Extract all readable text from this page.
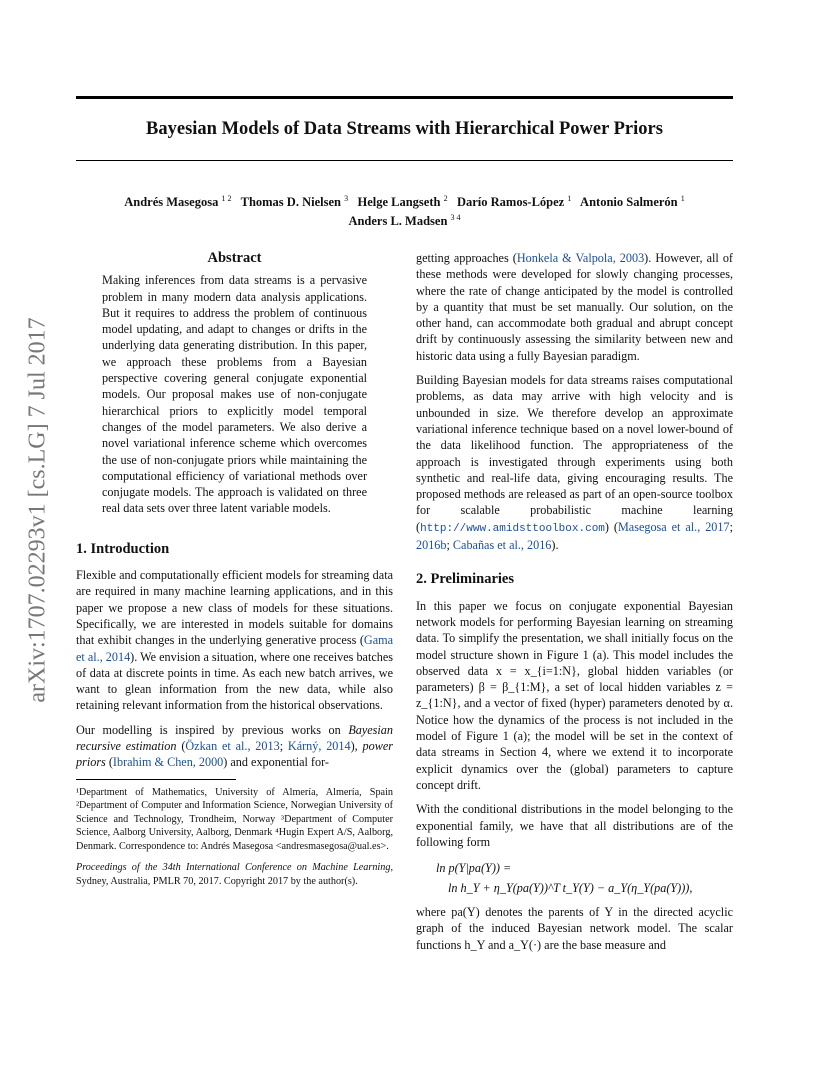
arXiv:1707.02293v1 [cs.LG] 7 Jul 2017
Bayesian Models of Data Streams with Hierarchical Power Priors
Andrés Masegosa $^{1 2}$ Thomas D. Nielsen $^3$ Helge Langseth $^2$ Darío Ramos-López $^1$ Antonio Salmerón $^1$
Anders L. Madsen $^{3 4}$
Abstract

Making inferences from data streams is a pervasive problem in many modern data analysis applications. But it requires to address the problem of continuous model updating, and adapt to changes or drifts in the underlying data generating distribution. In this paper, we approach these problems from a Bayesian perspective covering general conjugate exponential models. Our proposal makes use of non-conjugate hierarchical priors to explicitly model temporal changes of the model parameters. We also derive a novel variational inference scheme which overcomes the use of non-conjugate priors while maintaining the computational efficiency of variational methods over conjugate models. The approach is validated on three real data sets over three latent variable models.

1. Introduction

Flexible and computationally efficient models for streaming data are required in many machine learning applications, and in this paper we propose a new class of models for these situations. Specifically, we are interested in models suitable for domains that exhibit changes in the underlying generative process (Gama et al., 2014). We envision a situation, where one receives batches of data at discrete points in time. As each new batch arrives, we want to glean information from the new data, while also retaining relevant information from the historical observations.

Our modelling is inspired by previous works on Bayesian recursive estimation (Özkan et al., 2013; Kárný, 2014), power priors (Ibrahim & Chen, 2000) and exponential for-

¹Department of Mathematics, University of Almería, Almería, Spain ²Department of Computer and Information Science, Norwegian University of Science and Technology, Trondheim, Norway ³Department of Computer Science, Aalborg University, Aalborg, Denmark ⁴Hugin Expert A/S, Aalborg, Denmark. Correspondence to: Andrés Masegosa <andresmasegosa@ual.es>.

Proceedings of the 34th International Conference on Machine Learning, Sydney, Australia, PMLR 70, 2017. Copyright 2017 by the author(s).

getting approaches (Honkela & Valpola, 2003). However, all of these methods were developed for slowly changing processes, where the rate of change anticipated by the model is controlled by a quantity that must be set manually. Our solution, on the other hand, can accommodate both gradual and abrupt concept drift by continuously assessing the similarity between new and historic data using a fully Bayesian paradigm.

Building Bayesian models for data streams raises computational problems, as data may arrive with high velocity and is unbounded in size. We therefore develop an approximate variational inference technique based on a novel lower-bound of the data likelihood function. The appropriateness of the approach is investigated through experiments using both synthetic and real-life data, giving encouraging results. The proposed methods are released as part of an open-source toolbox for scalable probabilistic machine learning (http://www.amidsttoolbox.com) (Masegosa et al., 2017; 2016b; Cabañas et al., 2016).

2. Preliminaries

In this paper we focus on conjugate exponential Bayesian network models for performing Bayesian learning on streaming data. To simplify the presentation, we shall initially focus on the model structure shown in Figure 1 (a). This model includes the observed data x = x_{i=1:N}, global hidden variables (or parameters) β = β_{1:M}, a set of local hidden variables z = z_{1:N}, and a vector of fixed (hyper) parameters denoted by α. Notice how the dynamics of the process is not included in the model of Figure 1 (a); the model will be set in the context of data streams in Section 4, where we extend it to incorporate explicit dynamics over the (global) parameters to capture concept drift.

With the conditional distributions in the model belonging to the exponential family, we have that all distributions are of the following form

ln p(Y|pa(Y)) =
ln h_Y + η_Y(pa(Y))^T t_Y(Y) − a_Y(η_Y(pa(Y))),

where pa(Y) denotes the parents of Y in the directed acyclic graph of the induced Bayesian network model. The scalar functions h_Y and a_Y(·) are the base measure and
